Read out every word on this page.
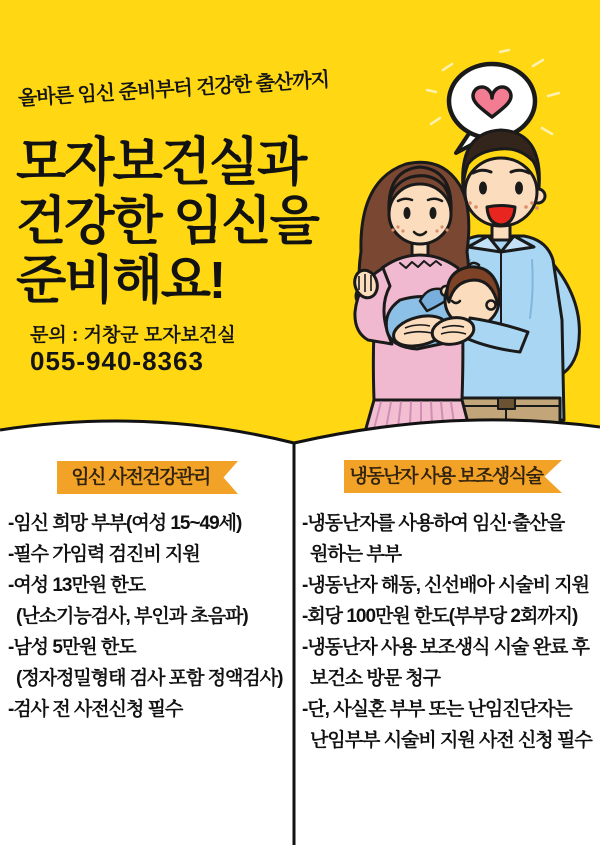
올바른 임신 준비부터 건강한 출산까지
모자보건실과
건강한 임신을
준비해요!
문의 : 거창군 모자보건실
055-940-8363
임신 사전건강관리	냉동난자 사용 보조생식술
-임신 희망 부부(여성 15~49세)
-필수 가임력 검진비 지원
-여성 13만원 한도
(난소기능검사, 부인과 초음파)
-남성 5만원 한도
(정자정밀형태 검사 포함 정액검사)
-검사 전 사전신청 필수
-냉동난자를 사용하여 임신·출산을
원하는 부부
-냉동난자 해동, 신선배아 시술비 지원
-회당 100만원 한도(부부당 2회까지)
-냉동난자 사용 보조생식 시술 완료 후
보건소 방문 청구
-단, 사실혼 부부 또는 난임진단자는
난임부부 시술비 지원 사전 신청 필수
